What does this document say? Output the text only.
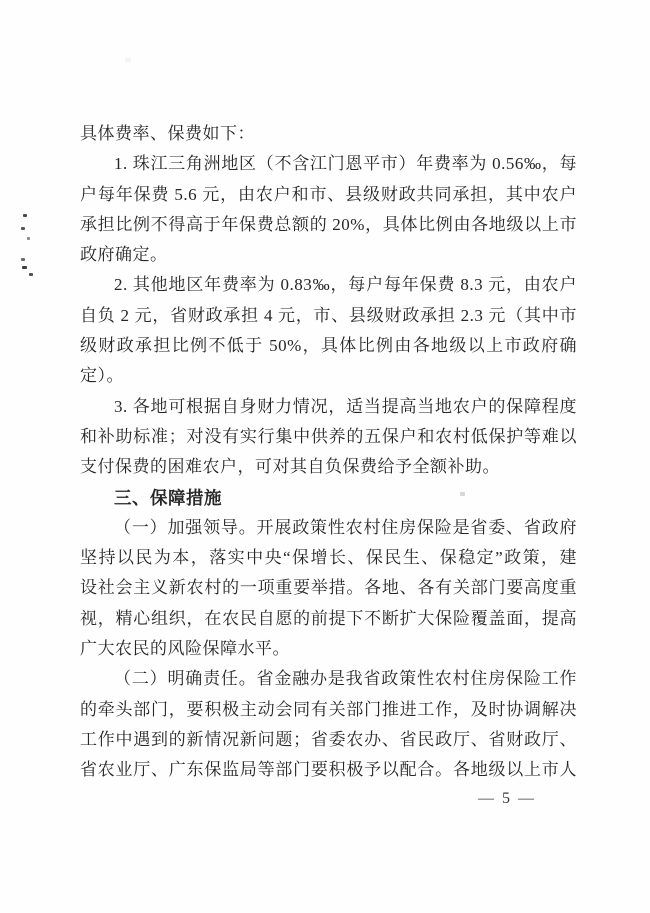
具体费率、保费如下：
1. 珠江三角洲地区（不含江门恩平市）年费率为 0.56‰，每
户每年保费 5.6 元，由农户和市、县级财政共同承担，其中农户
承担比例不得高于年保费总额的 20%，具体比例由各地级以上市
政府确定。
2. 其他地区年费率为 0.83‰，每户每年保费 8.3 元，由农户
自负 2 元，省财政承担 4 元，市、县级财政承担 2.3 元（其中市
级财政承担比例不低于 50%，具体比例由各地级以上市政府确
定）。
3. 各地可根据自身财力情况，适当提高当地农户的保障程度
和补助标准；对没有实行集中供养的五保户和农村低保护等难以
支付保费的困难农户，可对其自负保费给予全额补助。
三、保障措施
（一）加强领导。开展政策性农村住房保险是省委、省政府
坚持以民为本，落实中央“保增长、保民生、保稳定”政策，建
设社会主义新农村的一项重要举措。各地、各有关部门要高度重
视，精心组织，在农民自愿的前提下不断扩大保险覆盖面，提高
广大农民的风险保障水平。
（二）明确责任。省金融办是我省政策性农村住房保险工作
的牵头部门，要积极主动会同有关部门推进工作，及时协调解决
工作中遇到的新情况新问题；省委农办、省民政厅、省财政厅、
省农业厅、广东保监局等部门要积极予以配合。各地级以上市人
— 5 —
